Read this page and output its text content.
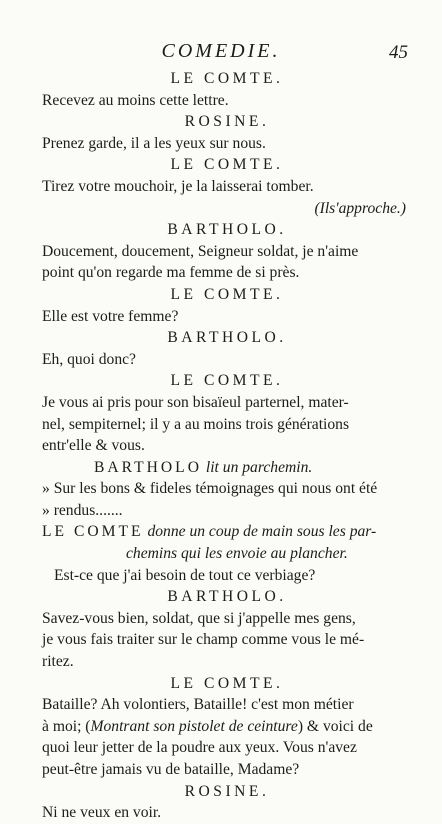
COMEDIE.	45
LE COMTE.
Recevez au moins cette lettre.
ROSINE.
Prenez garde, il a les yeux sur nous.
LE COMTE.
Tirez votre mouchoir, je la laisserai tomber.
(Ils'approche.)
BARTHOLO.
Doucement, doucement, Seigneur soldat, je n'aime
point qu'on regarde ma femme de si près.
LE COMTE.
Elle est votre femme?
BARTHOLO.
Eh, quoi donc?
LE COMTE.
Je vous ai pris pour son bisaïeul parternel, mater-
nel, sempiternel; il y a au moins trois générations
entr'elle & vous.
BARTHOLO lit un parchemin.
» Sur les bons & fideles témoignages qui nous ont été
» rendus.......
LE COMTE donne un coup de main sous les par-
chemins qui les envoie au plancher.
Est-ce que j'ai besoin de tout ce verbiage?
BARTHOLO.
Savez-vous bien, soldat, que si j'appelle mes gens,
je vous fais traiter sur le champ comme vous le mé-
ritez.
LE COMTE.
Bataille? Ah volontiers, Bataille! c'est mon métier
à moi; (Montrant son pistolet de ceinture) & voici de
quoi leur jetter de la poudre aux yeux. Vous n'avez
peut-être jamais vu de bataille, Madame?
ROSINE.
Ni ne veux en voir.
